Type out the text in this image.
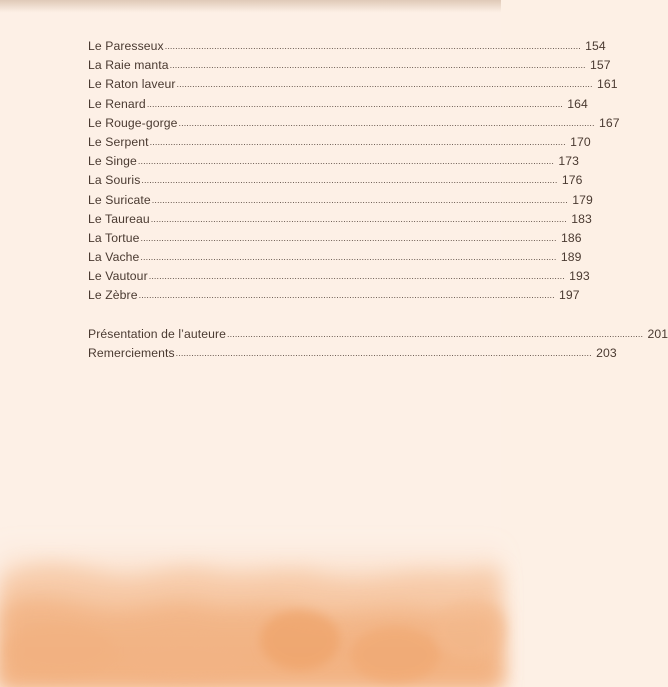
Le Paresseux ................................................................................................................................................................ 154
La Raie manta ................................................................................................................................................................ 157
Le Raton laveur ................................................................................................................................................................ 161
Le Renard ................................................................................................................................................................ 164
Le Rouge-gorge ................................................................................................................................................................ 167
Le Serpent ................................................................................................................................................................ 170
Le Singe ................................................................................................................................................................ 173
La Souris ................................................................................................................................................................ 176
Le Suricate ................................................................................................................................................................ 179
Le Taureau ................................................................................................................................................................ 183
La Tortue ................................................................................................................................................................ 186
La Vache ................................................................................................................................................................ 189
Le Vautour ................................................................................................................................................................ 193
Le Zèbre ................................................................................................................................................................ 197
Présentation de l’auteure ................................................................................................................................................................ 201
Remerciements ................................................................................................................................................................ 203
